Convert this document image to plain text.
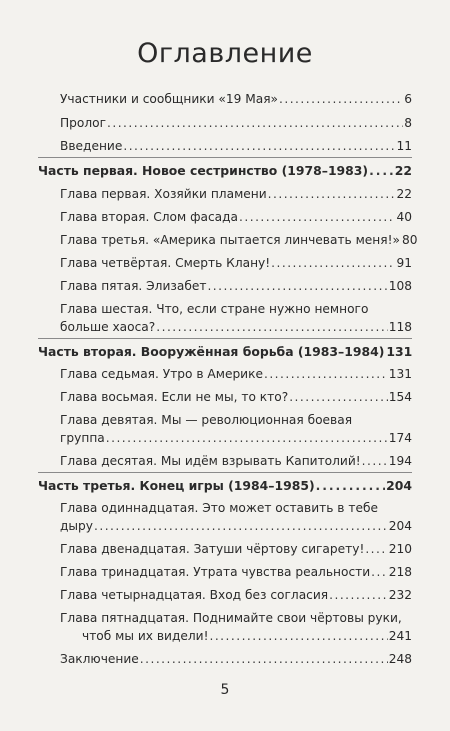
Оглавление
Участники и сообщники «19 Мая» . . .	6
Пролог . . .	8
Введение . . .	11
Часть первая. Новое сестринство (1978–1983) . . . 22
Глава первая. Хозяйки пламени . . .	22
Глава вторая. Слом фасада . . .	40
Глава третья. «Америка пытается линчевать меня!» 80
Глава четвёртая. Смерть Клану! . . .	91
Глава пятая. Элизабет . . .	108
Глава шестая. Что, если стране нужно немного
больше хаоса? . . .	118
Часть вторая. Вооружённая борьба (1983–1984) 131
Глава седьмая. Утро в Америке . . .	131
Глава восьмая. Если не мы, то кто? . . .	154
Глава девятая. Мы — революционная боевая
группа . . .	174
Глава десятая. Мы идём взрывать Капитолий! . . . 194
Часть третья. Конец игры (1984–1985) . . .	204
Глава одиннадцатая. Это может оставить в тебе
дыру . . .	204
Глава двенадцатая. Затуши чёртову сигарету! . . . 210
Глава тринадцатая. Утрата чувства реальности . . . 218
Глава четырнадцатая. Вход без согласия . . .	232
Глава пятнадцатая. Поднимайте свои чёртовы руки,
чтоб мы их видели! . . .	241
Заключение . . .	248
5
